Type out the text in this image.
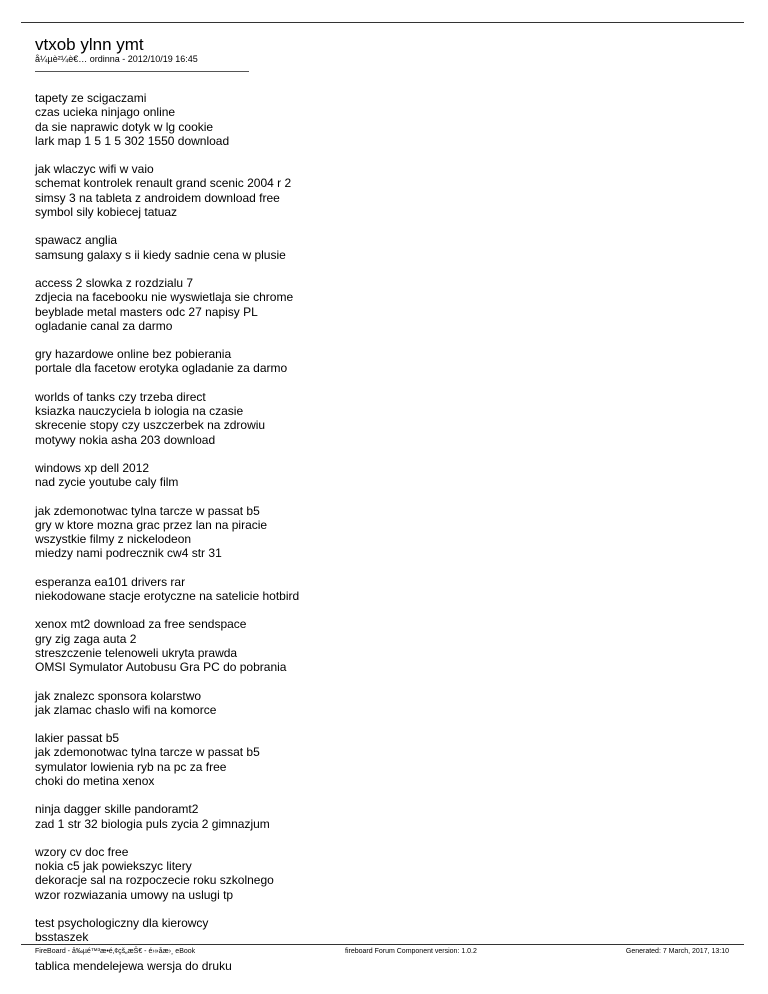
vtxob ylnn ymt
å¼µè²¼è€… ordinna - 2012/10/19 16:45
tapety ze scigaczami
czas ucieka ninjago online
da sie naprawic dotyk w lg cookie
lark map 1 5 1 5 302 1550 download
jak wlaczyc wifi w vaio
schemat kontrolek renault grand scenic 2004 r 2
simsy 3 na tableta z androidem download free
symbol sily kobiecej tatuaz
spawacz anglia
samsung galaxy s ii kiedy sadnie cena w plusie
access 2 slowka z rozdzialu 7
zdjecia na facebooku nie wyswietlaja sie chrome
beyblade metal masters odc 27 napisy PL
ogladanie canal za darmo
gry hazardowe online bez pobierania
portale dla facetow erotyka ogladanie za darmo
worlds of tanks czy trzeba direct
ksiazka nauczyciela b iologia na czasie
skrecenie stopy czy uszczerbek na zdrowiu
motywy nokia asha 203 download
windows xp dell 2012
nad zycie youtube caly film
jak zdemonotwac tylna tarcze w passat b5
gry w ktore mozna grac przez lan na piracie
wszystkie filmy z nickelodeon
miedzy nami podrecznik cw4 str 31
esperanza ea101 drivers rar
niekodowane stacje erotyczne na satelicie hotbird
xenox mt2 download za free sendspace
gry zig zaga auta 2
streszczenie telenoweli ukryta prawda
OMSI Symulator Autobusu Gra PC do pobrania
jak znalezc sponsora kolarstwo
jak zlamac chaslo wifi na komorce
lakier passat b5
jak zdemonotwac tylna tarcze w passat b5
symulator lowienia ryb na pc za free
choki do metina xenox
ninja dagger skille pandoramt2
zad 1 str 32 biologia puls zycia 2 gimnazjum
wzory cv doc free
nokia c5 jak powiekszyc litery
dekoracje sal na rozpoczecie roku szkolnego
wzor rozwiazania umowy na uslugi tp
test psychologiczny dla kierowcy
bsstaszek
tablica mendelejewa wersja do druku
FireBoard - å‰µé™³æ•é‚¢çš„æŠ€ - é›»åæ›¸ eBook	fireboard Forum Component version: 1.0.2	Generated: 7 March, 2017, 13:10
